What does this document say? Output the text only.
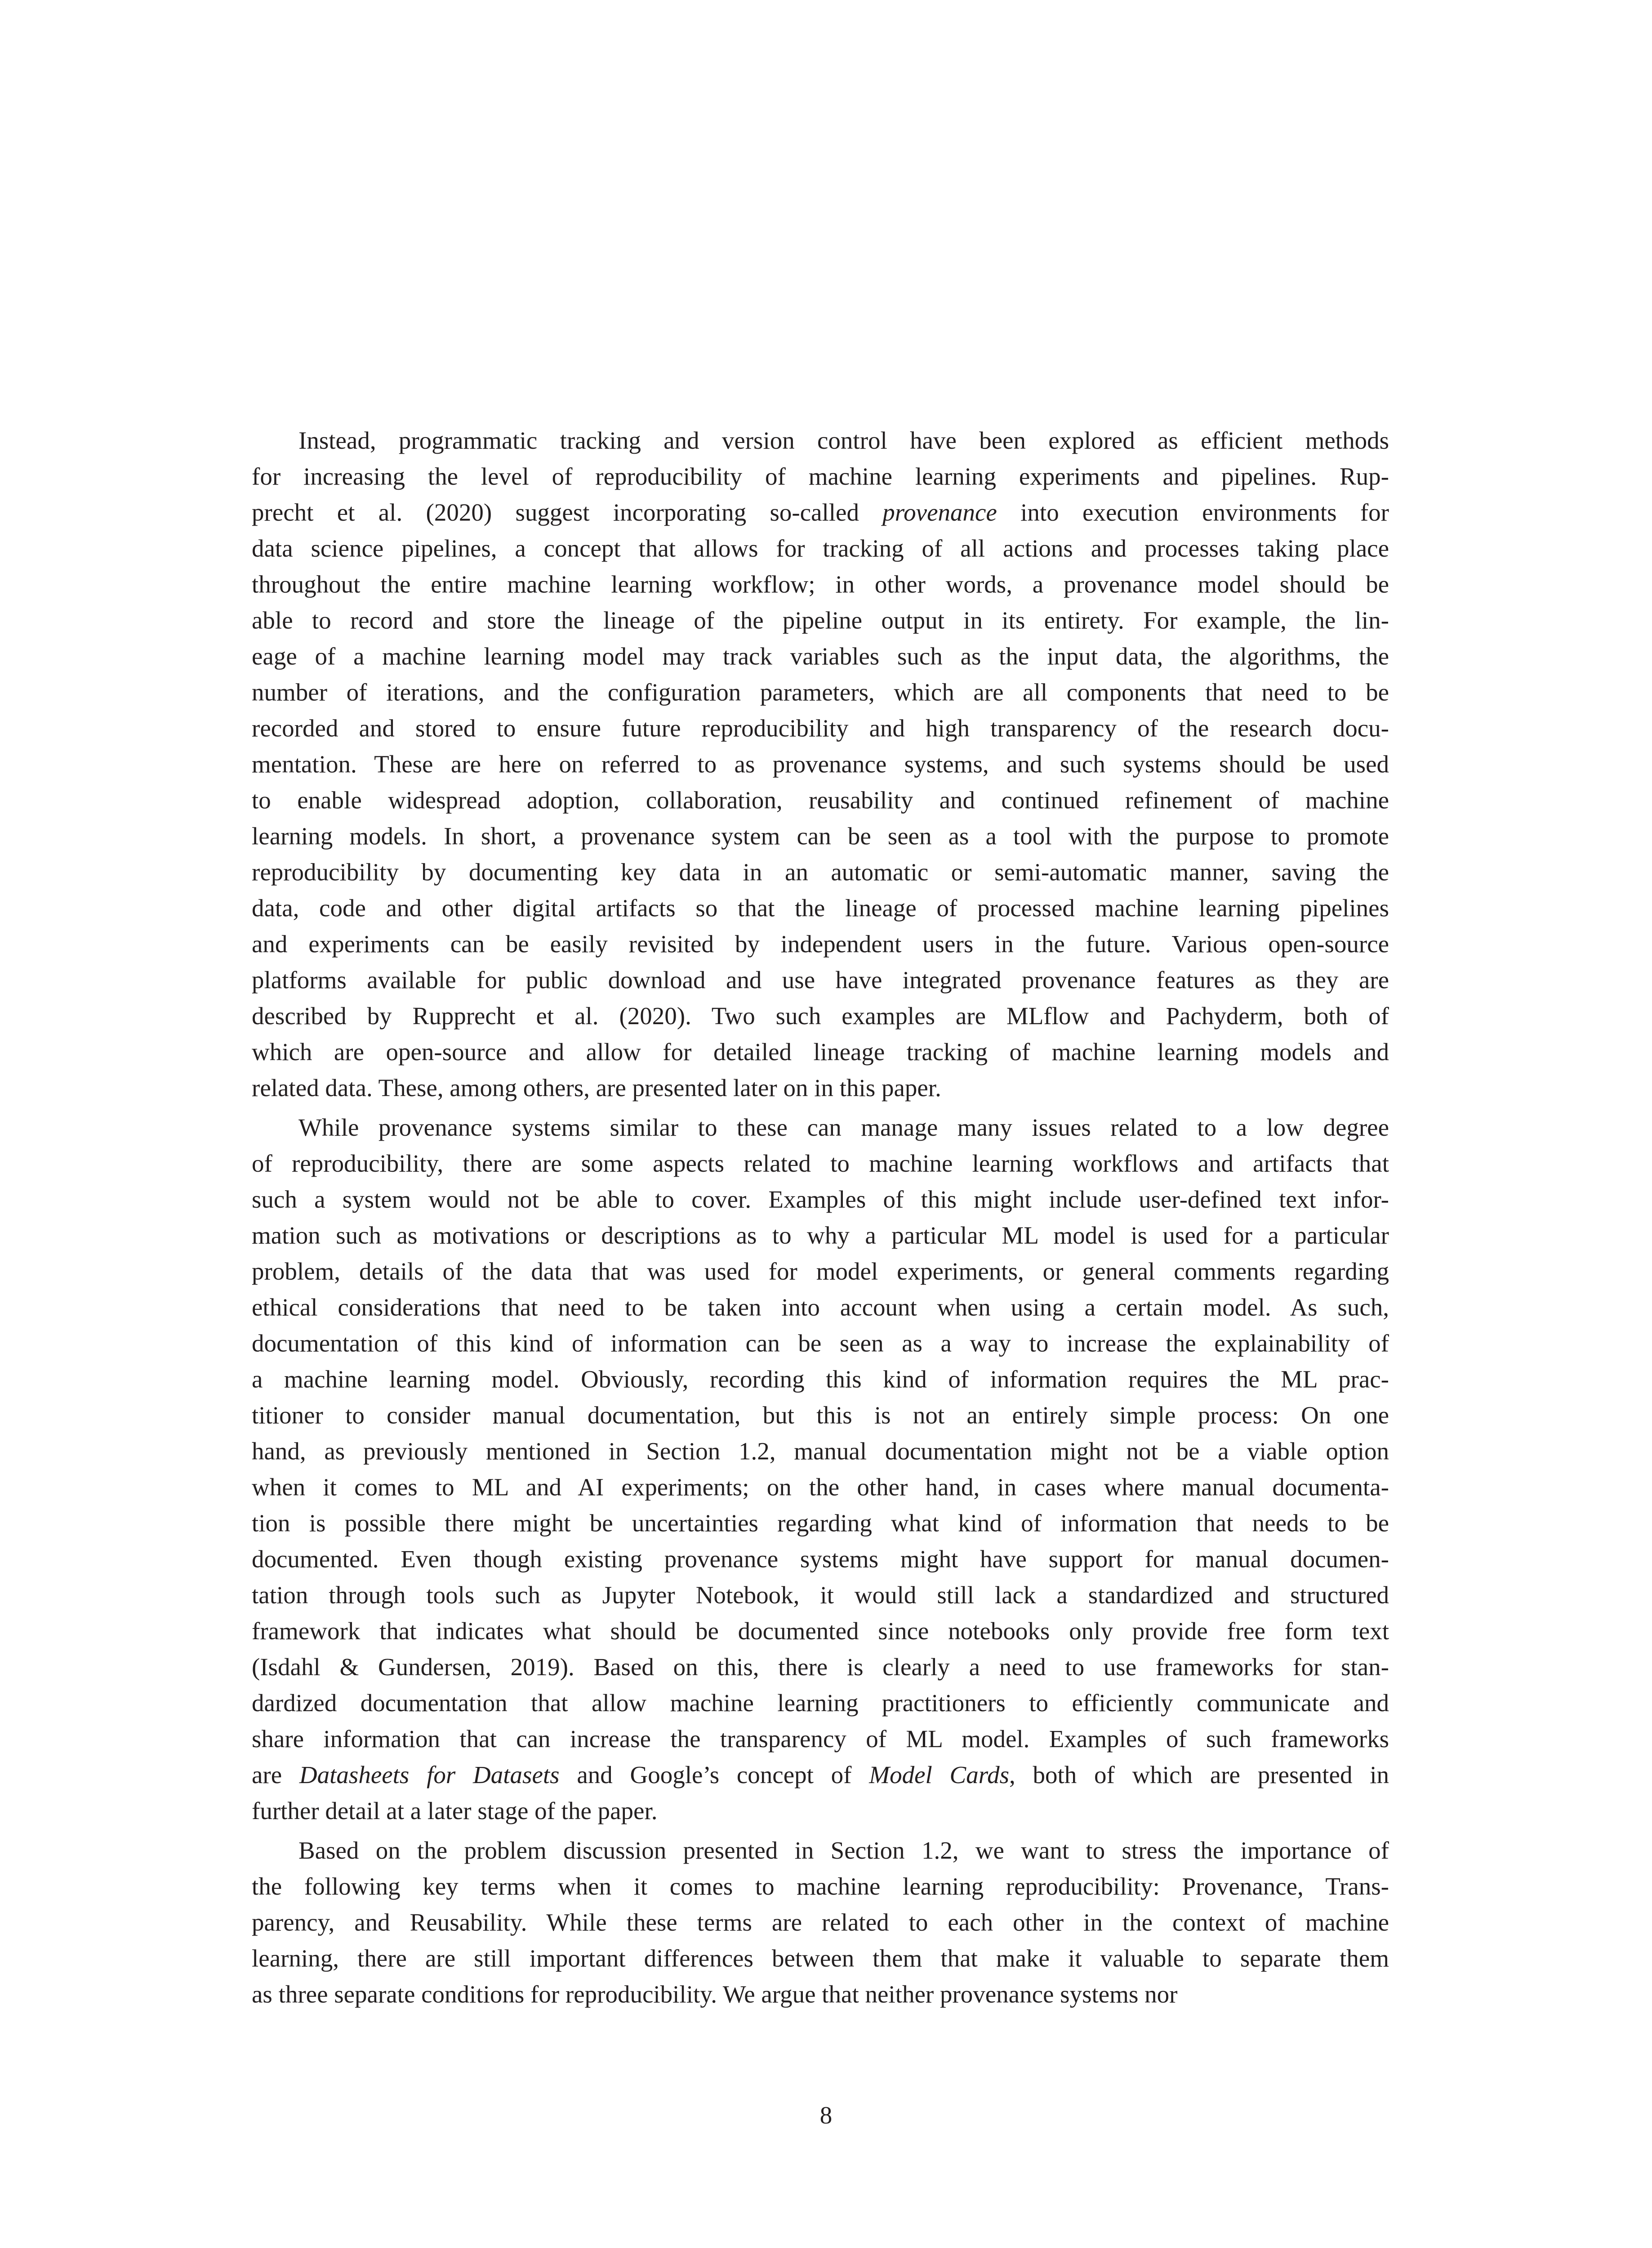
Instead, programmatic tracking and version control have been explored as efficient methods
for increasing the level of reproducibility of machine learning experiments and pipelines. Rup-
precht et al. (2020) suggest incorporating so-called provenance into execution environments for
data science pipelines, a concept that allows for tracking of all actions and processes taking place
throughout the entire machine learning workflow; in other words, a provenance model should be
able to record and store the lineage of the pipeline output in its entirety. For example, the lin-
eage of a machine learning model may track variables such as the input data, the algorithms, the
number of iterations, and the configuration parameters, which are all components that need to be
recorded and stored to ensure future reproducibility and high transparency of the research docu-
mentation. These are here on referred to as provenance systems, and such systems should be used
to enable widespread adoption, collaboration, reusability and continued refinement of machine
learning models. In short, a provenance system can be seen as a tool with the purpose to promote
reproducibility by documenting key data in an automatic or semi-automatic manner, saving the
data, code and other digital artifacts so that the lineage of processed machine learning pipelines
and experiments can be easily revisited by independent users in the future. Various open-source
platforms available for public download and use have integrated provenance features as they are
described by Rupprecht et al. (2020). Two such examples are MLflow and Pachyderm, both of
which are open-source and allow for detailed lineage tracking of machine learning models and
related data. These, among others, are presented later on in this paper.
While provenance systems similar to these can manage many issues related to a low degree
of reproducibility, there are some aspects related to machine learning workflows and artifacts that
such a system would not be able to cover. Examples of this might include user-defined text infor-
mation such as motivations or descriptions as to why a particular ML model is used for a particular
problem, details of the data that was used for model experiments, or general comments regarding
ethical considerations that need to be taken into account when using a certain model. As such,
documentation of this kind of information can be seen as a way to increase the explainability of
a machine learning model. Obviously, recording this kind of information requires the ML prac-
titioner to consider manual documentation, but this is not an entirely simple process: On one
hand, as previously mentioned in Section 1.2, manual documentation might not be a viable option
when it comes to ML and AI experiments; on the other hand, in cases where manual documenta-
tion is possible there might be uncertainties regarding what kind of information that needs to be
documented. Even though existing provenance systems might have support for manual documen-
tation through tools such as Jupyter Notebook, it would still lack a standardized and structured
framework that indicates what should be documented since notebooks only provide free form text
(Isdahl & Gundersen, 2019). Based on this, there is clearly a need to use frameworks for stan-
dardized documentation that allow machine learning practitioners to efficiently communicate and
share information that can increase the transparency of ML model. Examples of such frameworks
are Datasheets for Datasets and Google’s concept of Model Cards, both of which are presented in
further detail at a later stage of the paper.
Based on the problem discussion presented in Section 1.2, we want to stress the importance of
the following key terms when it comes to machine learning reproducibility: Provenance, Trans-
parency, and Reusability. While these terms are related to each other in the context of machine
learning, there are still important differences between them that make it valuable to separate them
as three separate conditions for reproducibility. We argue that neither provenance systems nor
8
